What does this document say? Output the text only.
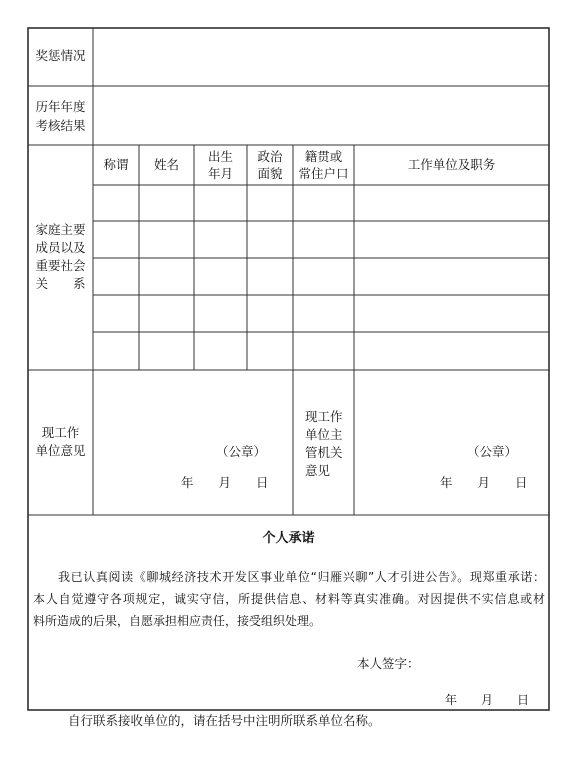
奖惩情况
历年年度
考核结果
家庭主要
成员以及
重要社会
关　　系
称谓	姓名
出生
年月
政治
面貌
籍贯或
常住户口
工作单位及职务
现工作
单位意见	（公章）
年　　月　　日
现工作
单位主
管机关
意见
（公章）
年　　月　　日
个人承诺
我已认真阅读《聊城经济技术开发区事业单位“归雁兴聊”人才引进公告》。现郑重承诺：
本人自觉遵守各项规定，诚实守信，所提供信息、材料等真实准确。对因提供不实信息或材
料所造成的后果，自愿承担相应责任，接受组织处理。
本人签字：
年　　月　　日
自行联系接收单位的，请在括号中注明所联系单位名称。
